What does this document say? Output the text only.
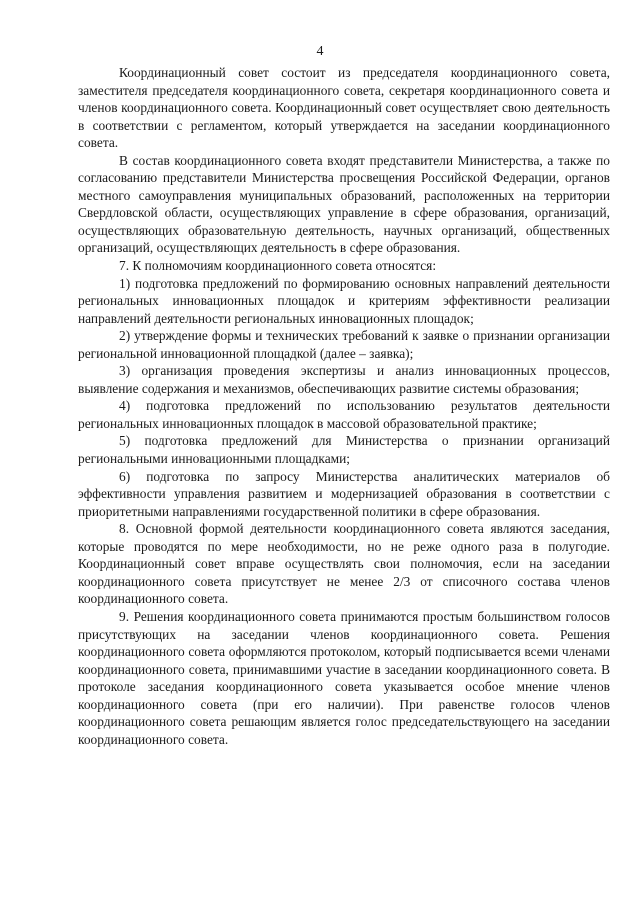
4

Координационный совет состоит из председателя координационного совета, заместителя председателя координационного совета, секретаря координационного совета и членов координационного совета. Координационный совет осуществляет свою деятельность в соответствии с регламентом, который утверждается на заседании координационного совета.

В состав координационного совета входят представители Министерства, а также по согласованию представители Министерства просвещения Российской Федерации, органов местного самоуправления муниципальных образований, расположенных на территории Свердловской области, осуществляющих управление в сфере образования, организаций, осуществляющих образовательную деятельность, научных организаций, общественных организаций, осуществляющих деятельность в сфере образования.

7. К полномочиям координационного совета относятся:

1) подготовка предложений по формированию основных направлений деятельности региональных инновационных площадок и критериям эффективности реализации направлений деятельности региональных инновационных площадок;

2) утверждение формы и технических требований к заявке о признании организации региональной инновационной площадкой (далее – заявка);

3) организация проведения экспертизы и анализ инновационных процессов, выявление содержания и механизмов, обеспечивающих развитие системы образования;

4) подготовка предложений по использованию результатов деятельности региональных инновационных площадок в массовой образовательной практике;

5) подготовка предложений для Министерства о признании организаций региональными инновационными площадками;

6) подготовка по запросу Министерства аналитических материалов об эффективности управления развитием и модернизацией образования в соответствии с приоритетными направлениями государственной политики в сфере образования.

8. Основной формой деятельности координационного совета являются заседания, которые проводятся по мере необходимости, но не реже одного раза в полугодие. Координационный совет вправе осуществлять свои полномочия, если на заседании координационного совета присутствует не менее 2/3 от списочного состава членов координационного совета.

9. Решения координационного совета принимаются простым большинством голосов присутствующих на заседании членов координационного совета. Решения координационного совета оформляются протоколом, который подписывается всеми членами координационного совета, принимавшими участие в заседании координационного совета. В протоколе заседания координационного совета указывается особое мнение членов координационного совета (при его наличии). При равенстве голосов членов координационного совета решающим является голос председательствующего на заседании координационного совета.
